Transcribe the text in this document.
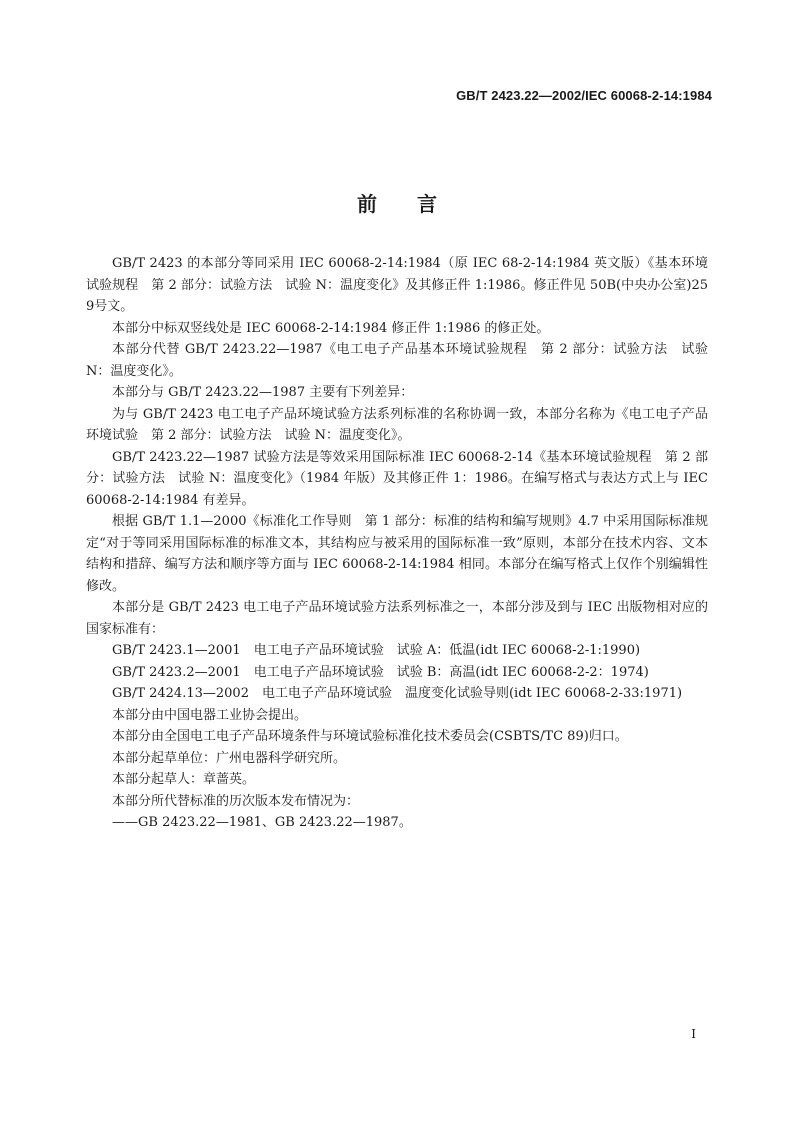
GB/T 2423.22—2002/IEC 60068-2-14:1984
前言

GB/T 2423 的本部分等同采用 IEC 60068-2-14:1984（原 IEC 68-2-14:1984 英文版）《基本环境试验规程　第 2 部分：试验方法　试验 N：温度变化》及其修正件 1:1986。修正件见 50B(中央办公室)259号文。

本部分中标双竖线处是 IEC 60068-2-14:1984 修正件 1:1986 的修正处。

本部分代替 GB/T 2423.22—1987《电工电子产品基本环境试验规程　第 2 部分：试验方法　试验 N：温度变化》。

本部分与 GB/T 2423.22—1987 主要有下列差异：

为与 GB/T 2423 电工电子产品环境试验方法系列标准的名称协调一致，本部分名称为《电工电子产品环境试验　第 2 部分：试验方法　试验 N：温度变化》。

GB/T 2423.22—1987 试验方法是等效采用国际标准 IEC 60068-2-14《基本环境试验规程　第 2 部分：试验方法　试验 N：温度变化》（1984 年版）及其修正件 1：1986。在编写格式与表达方式上与 IEC 60068-2-14:1984 有差异。

根据 GB/T 1.1—2000《标准化工作导则　第 1 部分：标准的结构和编写规则》4.7 中采用国际标准规定“对于等同采用国际标准的标准文本，其结构应与被采用的国际标准一致”原则，本部分在技术内容、文本结构和措辞、编写方法和顺序等方面与 IEC 60068-2-14:1984 相同。本部分在编写格式上仅作个别编辑性修改。

本部分是 GB/T 2423 电工电子产品环境试验方法系列标准之一，本部分涉及到与 IEC 出版物相对应的国家标准有：

GB/T 2423.1—2001　电工电子产品环境试验　试验 A：低温(idt IEC 60068-2-1:1990)

GB/T 2423.2—2001　电工电子产品环境试验　试验 B：高温(idt IEC 60068-2-2：1974)

GB/T 2424.13—2002　电工电子产品环境试验　温度变化试验导则(idt IEC 60068-2-33:1971)

本部分由中国电器工业协会提出。

本部分由全国电工电子产品环境条件与环境试验标准化技术委员会(CSBTS/TC 89)归口。

本部分起草单位：广州电器科学研究所。

本部分起草人：章蔷英。

本部分所代替标准的历次版本发布情况为：

——GB 2423.22—1981、GB 2423.22—1987。

I
